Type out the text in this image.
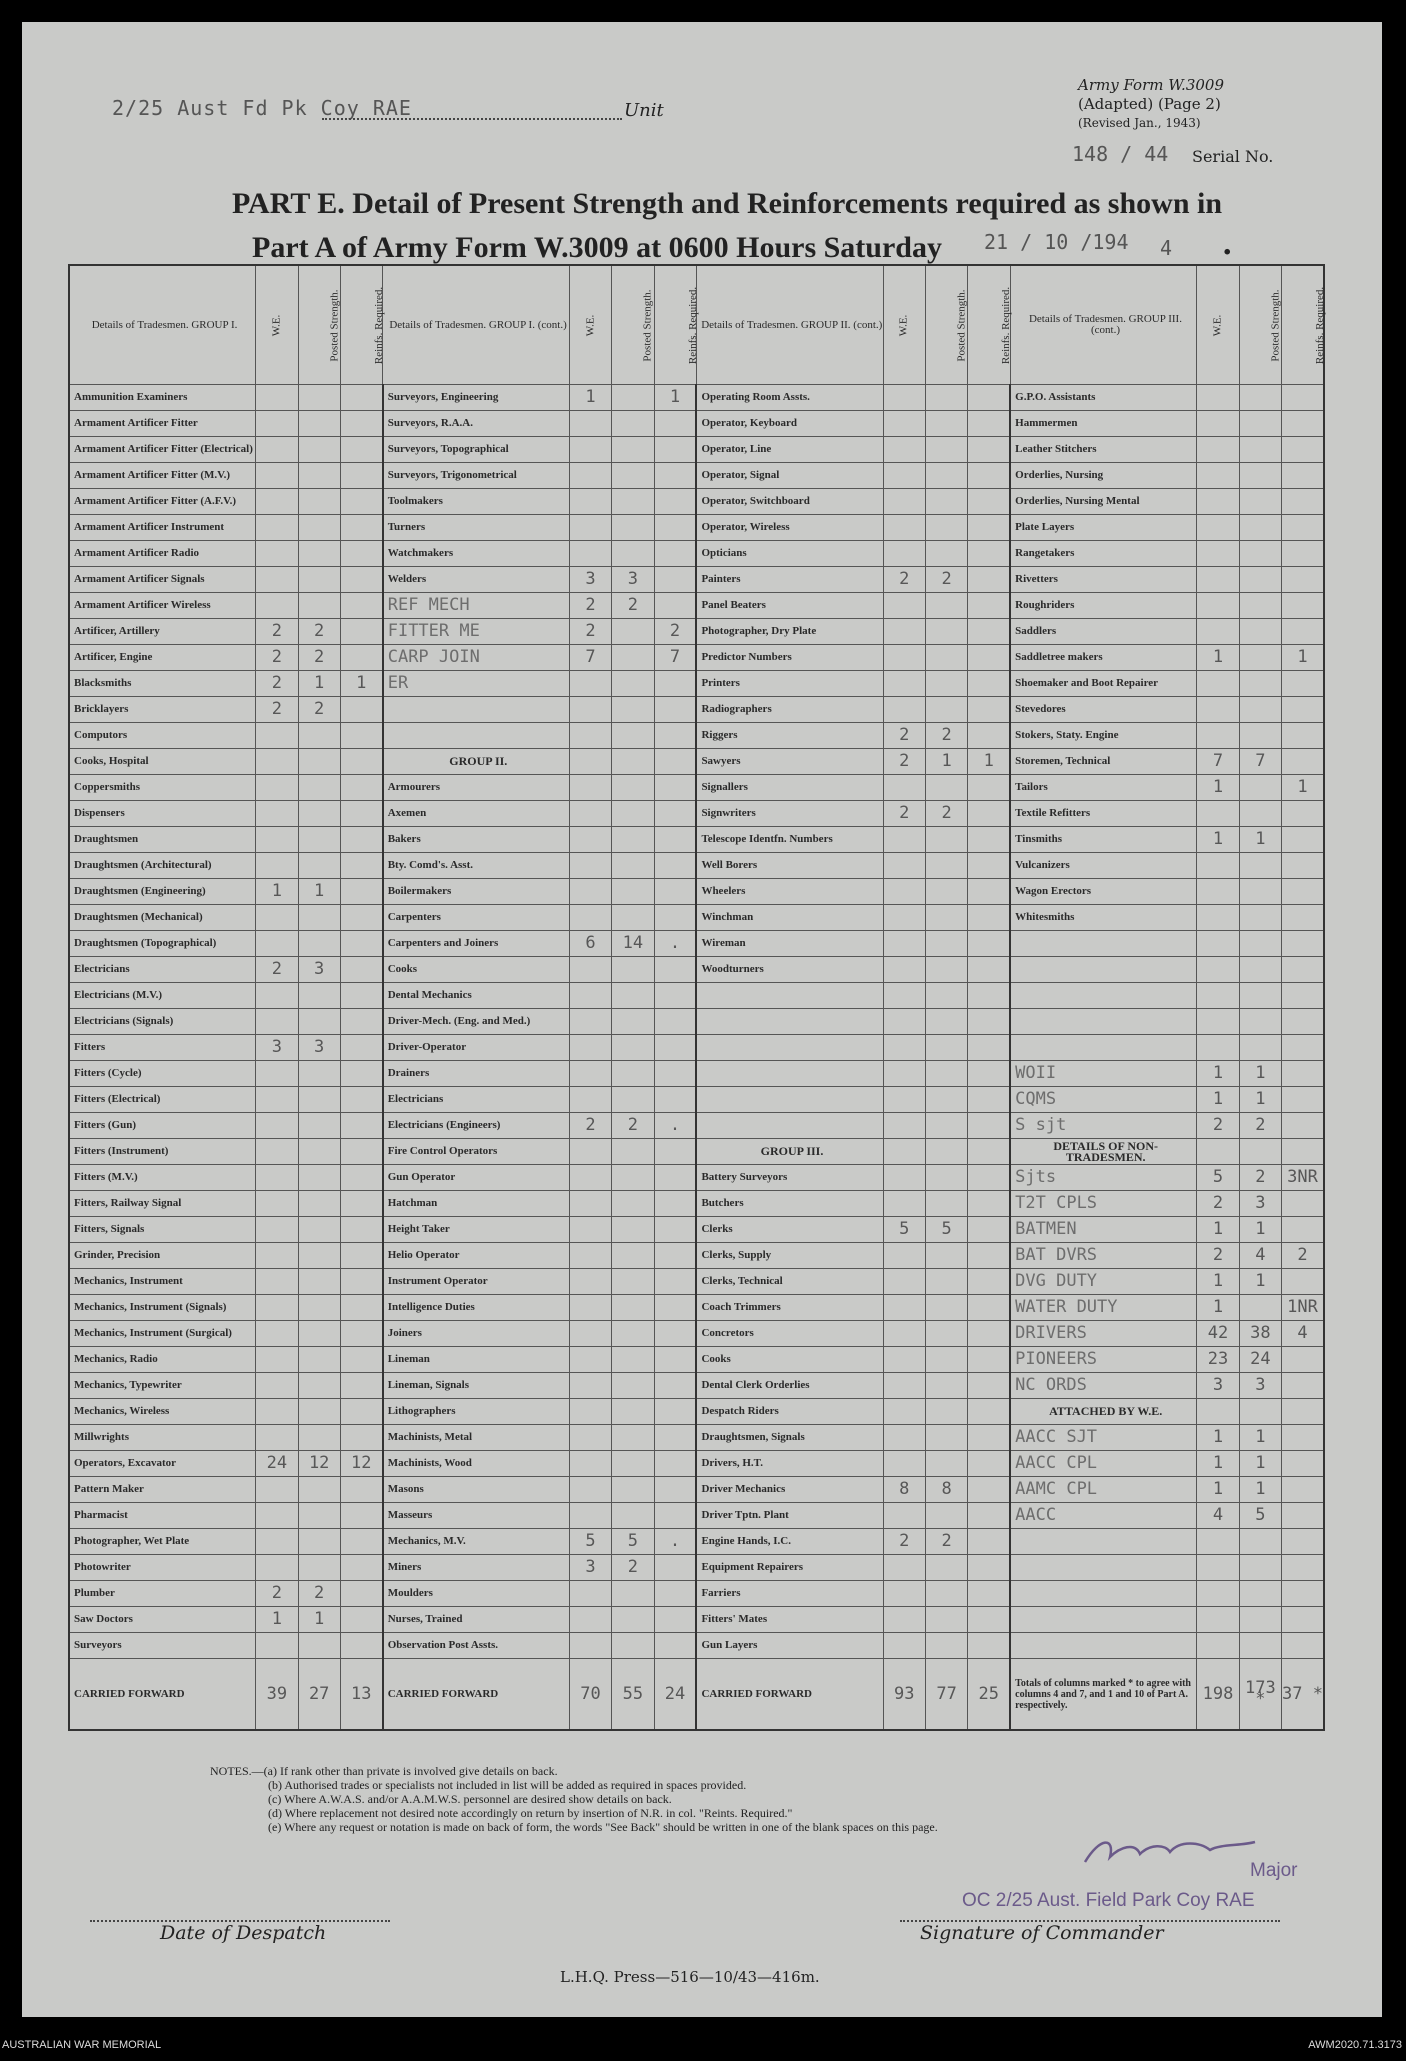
2/25 Aust Fd Pk Coy RAE	Unit
Army Form W.3009
(Adapted) (Page 2)
(Revised Jan., 1943)
148 / 44 Serial No.
PART E. Detail of Present Strength and Reinforcements required as shown in
Part A of Army Form W.3009 at 0600 Hours Saturday	21 / 10 /194 4 .
Details of Tradesmen. GROUP I.	W.E.	Posted Strength.	Reinfs. Required.	Details of Tradesmen. GROUP I. (cont.)	W.E.	Posted Strength.	Reinfs. Required.	Details of Tradesmen. GROUP II. (cont.)	W.E.	Posted Strength.	Reinfs. Required.	Details of Tradesmen. GROUP III. (cont.)	W.E.	Posted Strength.	Reinfs. Required.
Ammunition Examiners				Surveyors, Engineering	1		1	Operating Room Assts.				G.P.O. Assistants			
Armament Artificer Fitter				Surveyors, R.A.A.				Operator, Keyboard				Hammermen			
Armament Artificer Fitter (Electrical)				Surveyors, Topographical				Operator, Line				Leather Stitchers			
Armament Artificer Fitter (M.V.)				Surveyors, Trigonometrical				Operator, Signal				Orderlies, Nursing			
Armament Artificer Fitter (A.F.V.)				Toolmakers				Operator, Switchboard				Orderlies, Nursing Mental			
Armament Artificer Instrument				Turners				Operator, Wireless				Plate Layers			
Armament Artificer Radio				Watchmakers				Opticians				Rangetakers			
Armament Artificer Signals				Welders	3	3		Painters	2	2		Rivetters			
Armament Artificer Wireless				REF MECH	2	2		Panel Beaters				Roughriders			
Artificer, Artillery	2	2		FITTER ME	2		2	Photographer, Dry Plate				Saddlers			
Artificer, Engine	2	2		CARP JOIN	7		7	Predictor Numbers				Saddletree makers	1		1
Blacksmiths	2	1	1	ER				Printers				Shoemaker and Boot Repairer			
Bricklayers	2	2						Radiographers				Stevedores			
Computors								Riggers	2	2		Stokers, Staty. Engine			
Cooks, Hospital				GROUP II.				Sawyers	2	1	1	Storemen, Technical	7	7	
Coppersmiths				Armourers				Signallers				Tailors	1		1
Dispensers				Axemen				Signwriters	2	2		Textile Refitters			
Draughtsmen				Bakers				Telescope Identfn. Numbers				Tinsmiths	1	1	
Draughtsmen (Architectural)				Bty. Comd's. Asst.				Well Borers				Vulcanizers			
Draughtsmen (Engineering)	1	1		Boilermakers				Wheelers				Wagon Erectors			
Draughtsmen (Mechanical)				Carpenters				Winchman				Whitesmiths			
Draughtsmen (Topographical)				Carpenters and Joiners	6	14	.	Wireman							
Electricians	2	3		Cooks				Woodturners							
Electricians (M.V.)				Dental Mechanics											
Electricians (Signals)				Driver-Mech. (Eng. and Med.)											
Fitters	3	3		Driver-Operator											
Fitters (Cycle)				Drainers								WOII	1	1	
Fitters (Electrical)				Electricians								CQMS	1	1	
Fitters (Gun)				Electricians (Engineers)	2	2	.					S sjt	2	2	
Fitters (Instrument)				Fire Control Operators				GROUP III.				DETAILS OF NON-TRADESMEN.			
Fitters (M.V.)				Gun Operator				Battery Surveyors				Sjts	5	2	3NR
Fitters, Railway Signal				Hatchman				Butchers				T2T CPLS	2	3	
Fitters, Signals				Height Taker				Clerks	5	5		BATMEN	1	1	
Grinder, Precision				Helio Operator				Clerks, Supply				BAT DVRS	2	4	2
Mechanics, Instrument				Instrument Operator				Clerks, Technical				DVG DUTY	1	1	
Mechanics, Instrument (Signals)				Intelligence Duties				Coach Trimmers				WATER DUTY	1		1NR
Mechanics, Instrument (Surgical)				Joiners				Concretors				DRIVERS	42	38	4
Mechanics, Radio				Lineman				Cooks				PIONEERS	23	24	
Mechanics, Typewriter				Lineman, Signals				Dental Clerk Orderlies				NC ORDS	3	3	
Mechanics, Wireless				Lithographers				Despatch Riders				ATTACHED BY W.E.			
Millwrights				Machinists, Metal				Draughtsmen, Signals				AACC SJT	1	1	
Operators, Excavator	24	12	12	Machinists, Wood				Drivers, H.T.				AACC CPL	1	1	
Pattern Maker				Masons				Driver Mechanics	8	8		AAMC CPL	1	1	
Pharmacist				Masseurs				Driver Tptn. Plant				AACC	4	5	
Photographer, Wet Plate				Mechanics, M.V.	5	5	.	Engine Hands, I.C.	2	2					
Photowriter				Miners	3	2		Equipment Repairers							
Plumber	2	2		Moulders				Farriers							
Saw Doctors	1	1		Nurses, Trained				Fitters' Mates							
Surveyors				Observation Post Assts.				Gun Layers							
CARRIED FORWARD	39	27	13	CARRIED FORWARD	70	55	24	CARRIED FORWARD	93	77	25	Totals of columns marked * to agree with columns 4 and 7, and 1 and 10 of Part A. respectively.	198	173 *	37 *
NOTES.—(a) If rank other than private is involved give details on back.
(b) Authorised trades or specialists not included in list will be added as required in spaces provided.
(c) Where A.W.A.S. and/or A.A.M.W.S. personnel are desired show details on back.
(d) Where replacement not desired note accordingly on return by insertion of N.R. in col. "Reints. Required."
(e) Where any request or notation is made on back of form, the words "See Back" should be written in one of the blank spaces on this page.
Major
OC 2/25 Aust. Field Park Coy RAE
Date of Despatch	Signature of Commander
L.H.Q. Press—516—10/43—416m.
AUSTRALIAN WAR MEMORIAL	AWM2020.71.3173
